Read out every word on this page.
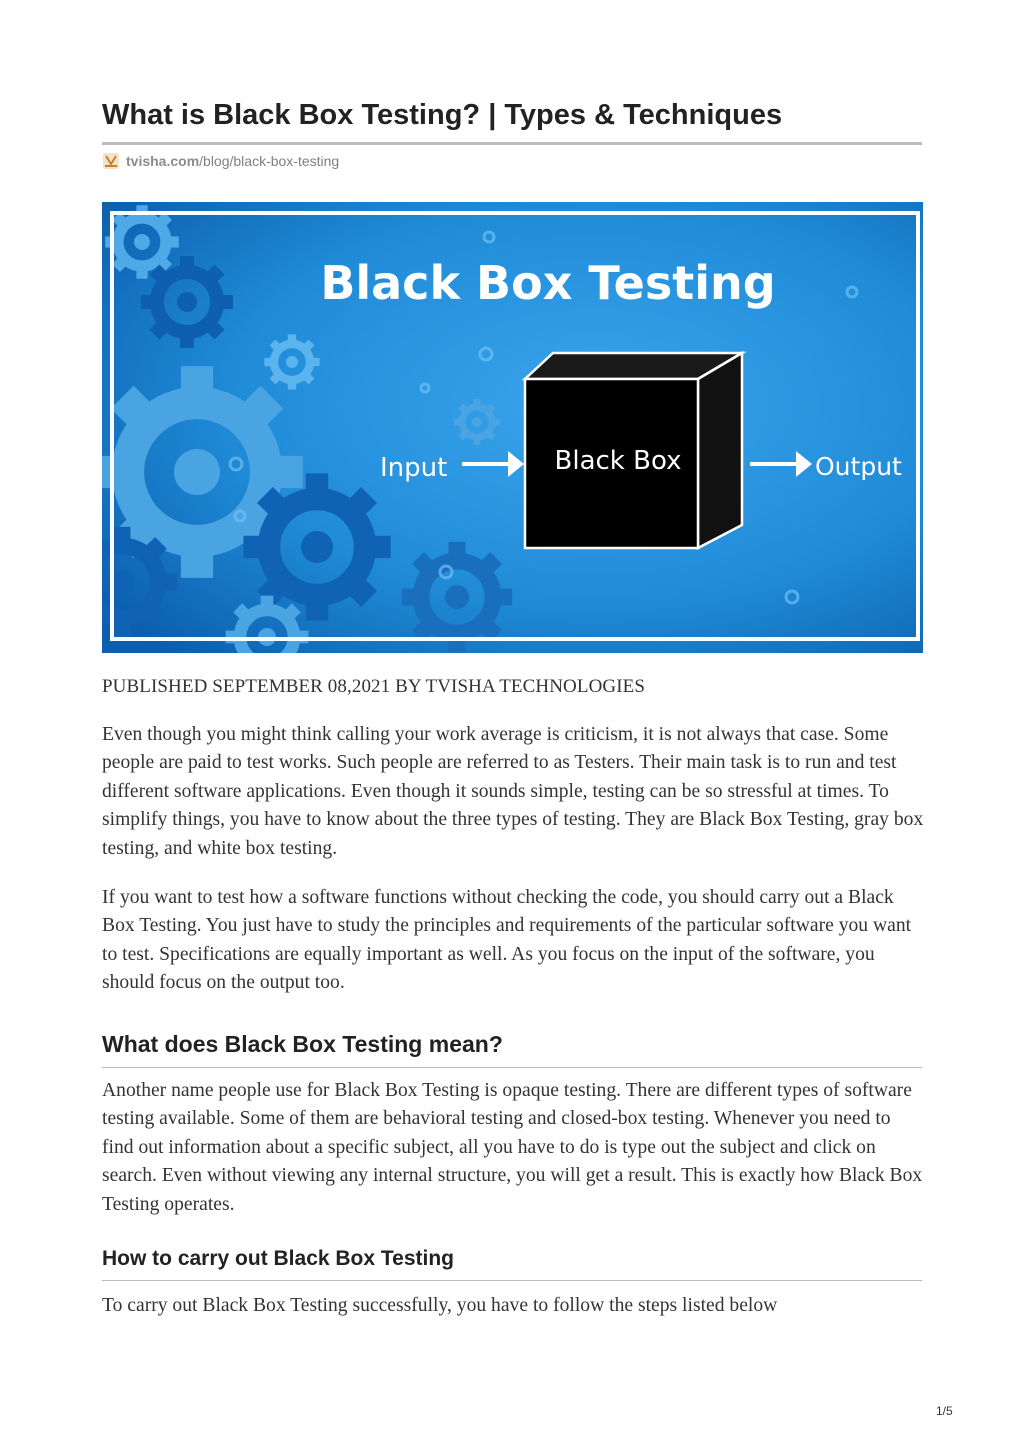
What is Black Box Testing? | Types & Techniques
tvisha.com /blog/black-box-testing
Black Box Testing
Black Box
Input	Output
PUBLISHED SEPTEMBER 08,2021 BY TVISHA TECHNOLOGIES

Even though you might think calling your work average is criticism, it is not always that case. Some people are paid to test works. Such people are referred to as Testers. Their main task is to run and test different software applications. Even though it sounds simple, testing can be so stressful at times. To simplify things, you have to know about the three types of testing. They are Black Box Testing, gray box testing, and white box testing.

If you want to test how a software functions without checking the code, you should carry out a Black Box Testing. You just have to study the principles and requirements of the particular software you want to test. Specifications are equally important as well. As you focus on the input of the software, you should focus on the output too.

What does Black Box Testing mean?

Another name people use for Black Box Testing is opaque testing. There are different types of software testing available. Some of them are behavioral testing and closed-box testing. Whenever you need to find out information about a specific subject, all you have to do is type out the subject and click on search. Even without viewing any internal structure, you will get a result. This is exactly how Black Box Testing operates.

How to carry out Black Box Testing

To carry out Black Box Testing successfully, you have to follow the steps listed below

1/5
